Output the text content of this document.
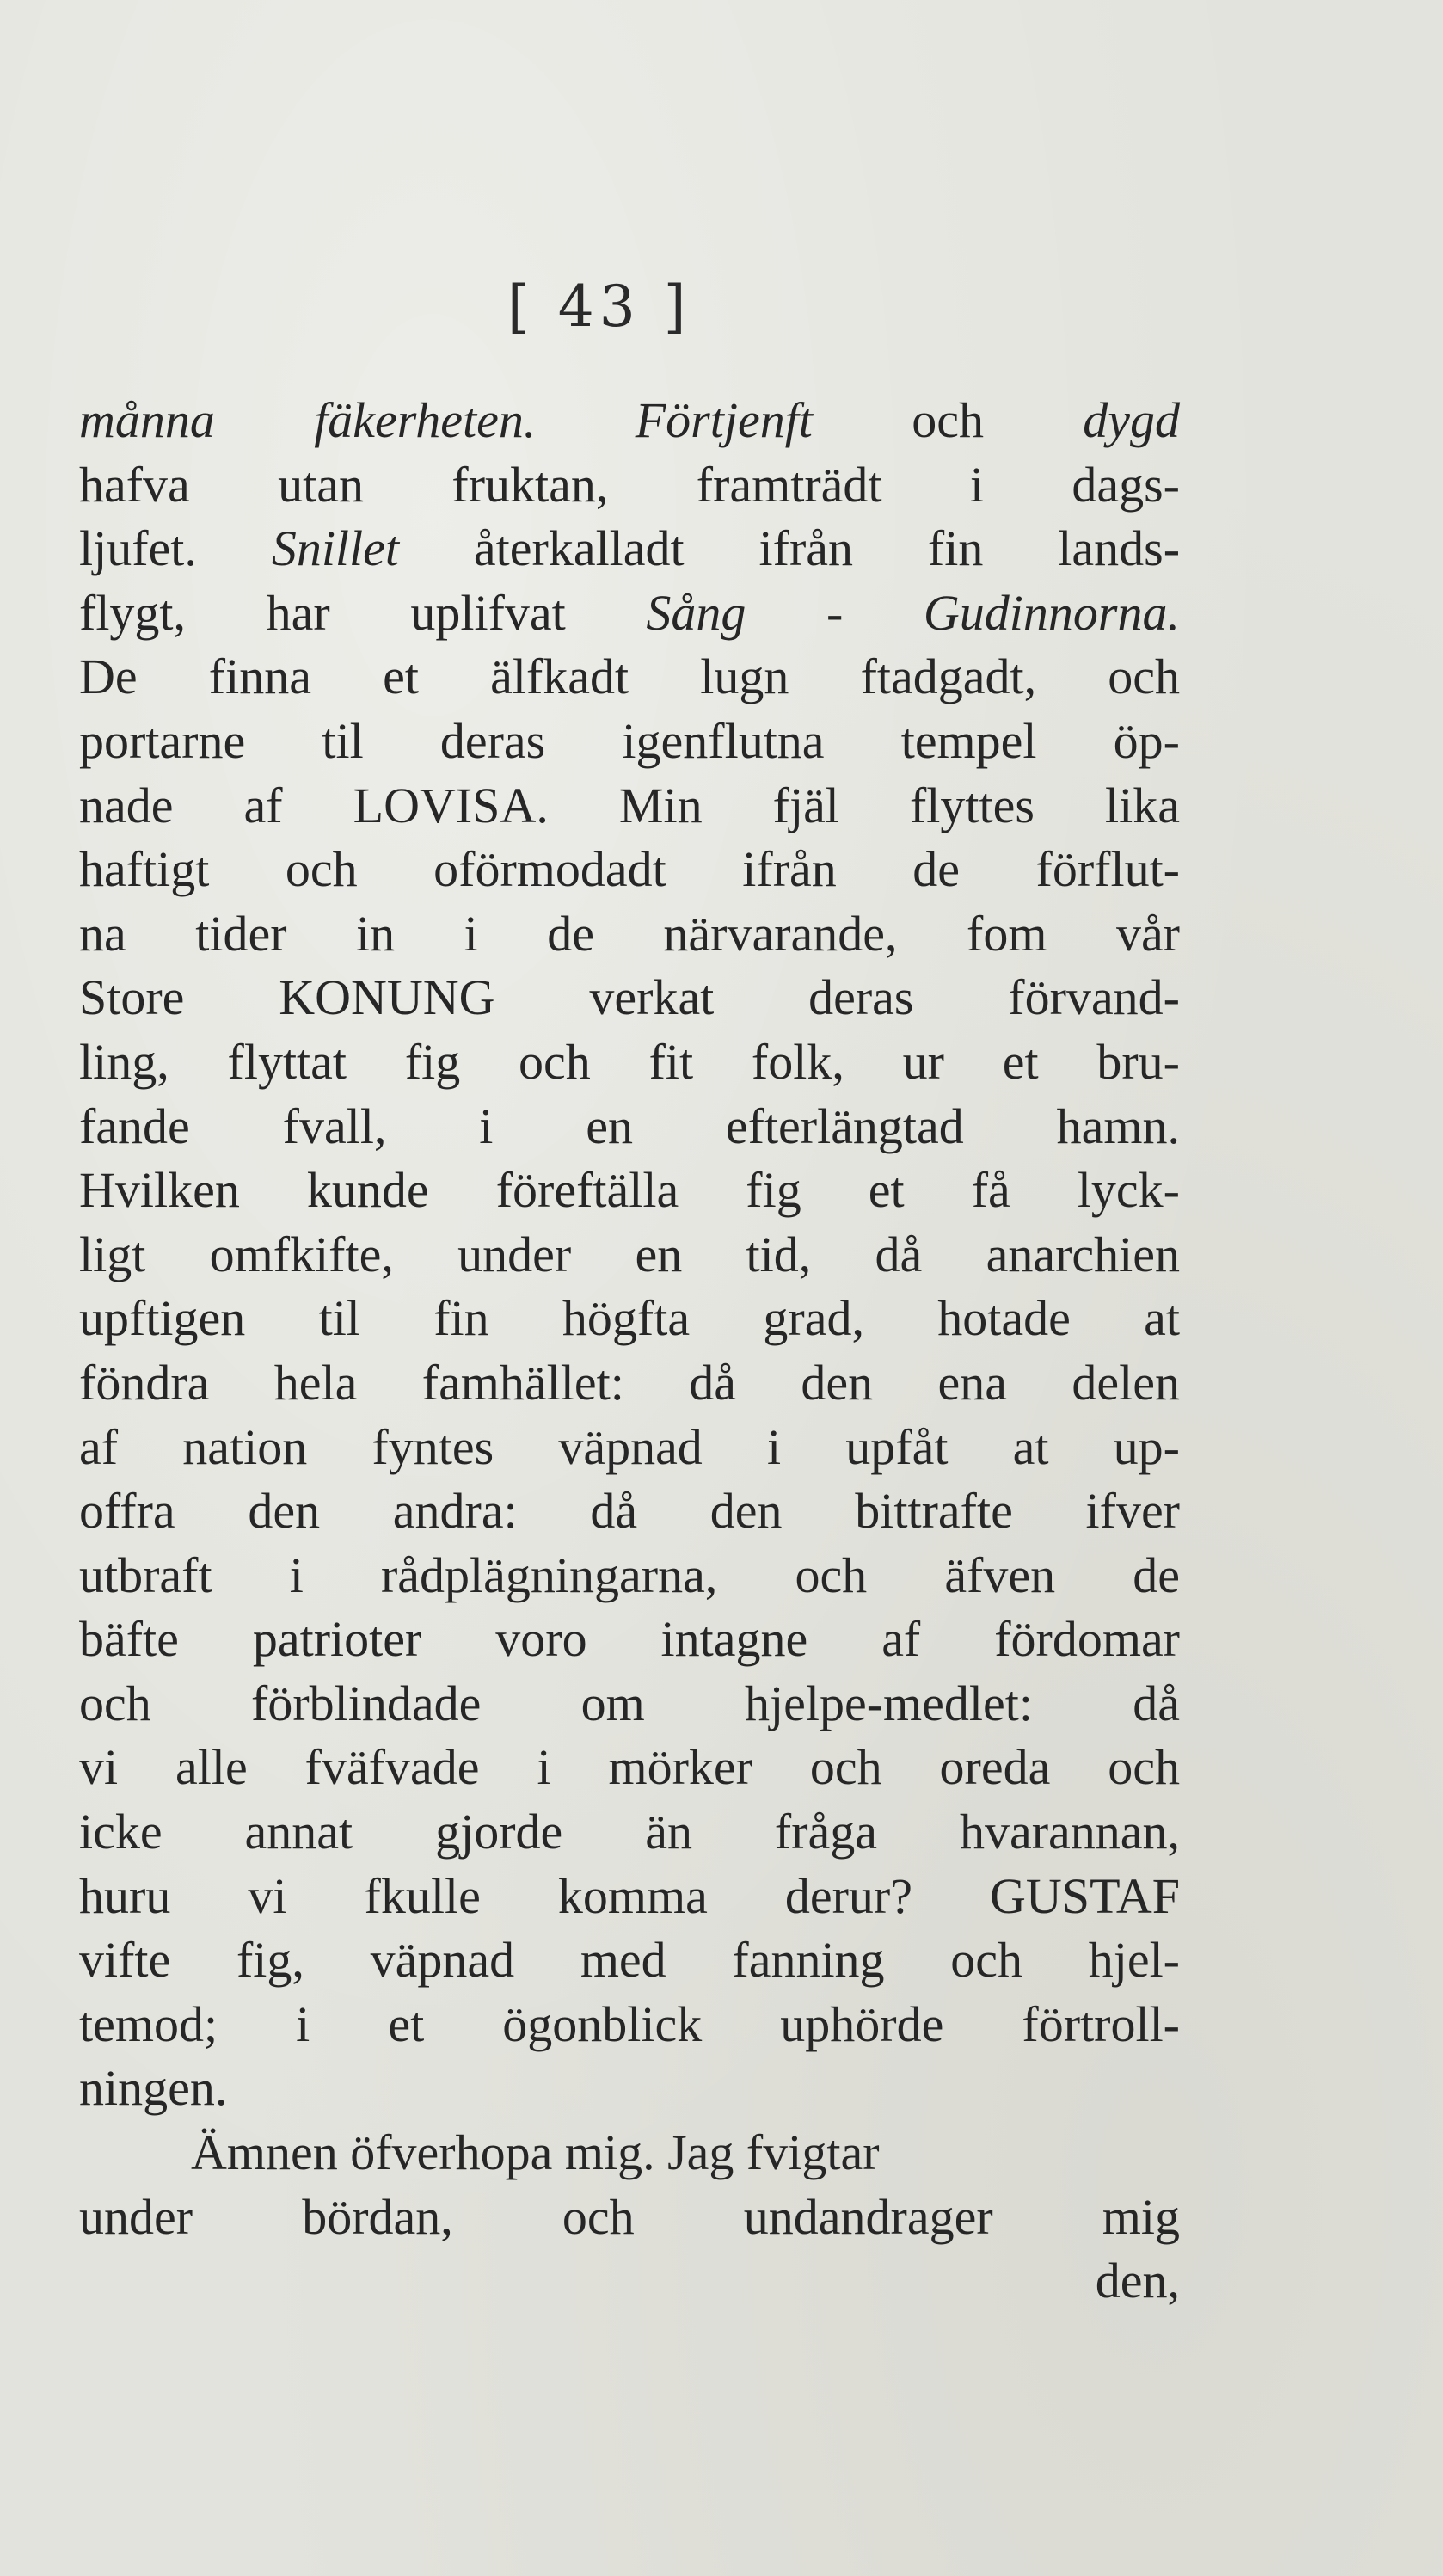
[ 43 ]
månna fäkerheten. Förtjenft och dygd
hafva utan fruktan, framträdt i dags-
ljufet. Snillet återkalladt ifrån fin lands-
flygt, har uplifvat Sång - Gudinnorna.
De finna et älfkadt lugn ftadgadt, och
portarne til deras igenflutna tempel öp-
nade af LOVISA. Min fjäl flyttes lika
haftigt och oförmodadt ifrån de förflut-
na tider in i de närvarande, fom vår
Store KONUNG verkat deras förvand-
ling, flyttat fig och fit folk, ur et bru-
fande fvall, i en efterlängtad hamn.
Hvilken kunde föreftälla fig et få lyck-
ligt omfkifte, under en tid, då anarchien
upftigen til fin högfta grad, hotade at
föndra hela famhället: då den ena delen
af nation fyntes väpnad i upfåt at up-
offra den andra: då den bittrafte ifver
utbraft i rådplägningarna, och äfven de
bäfte patrioter voro intagne af fördomar
och förblindade om hjelpe-medlet: då
vi alle fväfvade i mörker och oreda och
icke annat gjorde än fråga hvarannan,
huru vi fkulle komma derur? GUSTAF
vifte fig, väpnad med fanning och hjel-
temod; i et ögonblick uphörde förtroll-
ningen.
Ämnen öfverhopa mig. Jag fvigtar
under bördan, och undandrager mig
den,
